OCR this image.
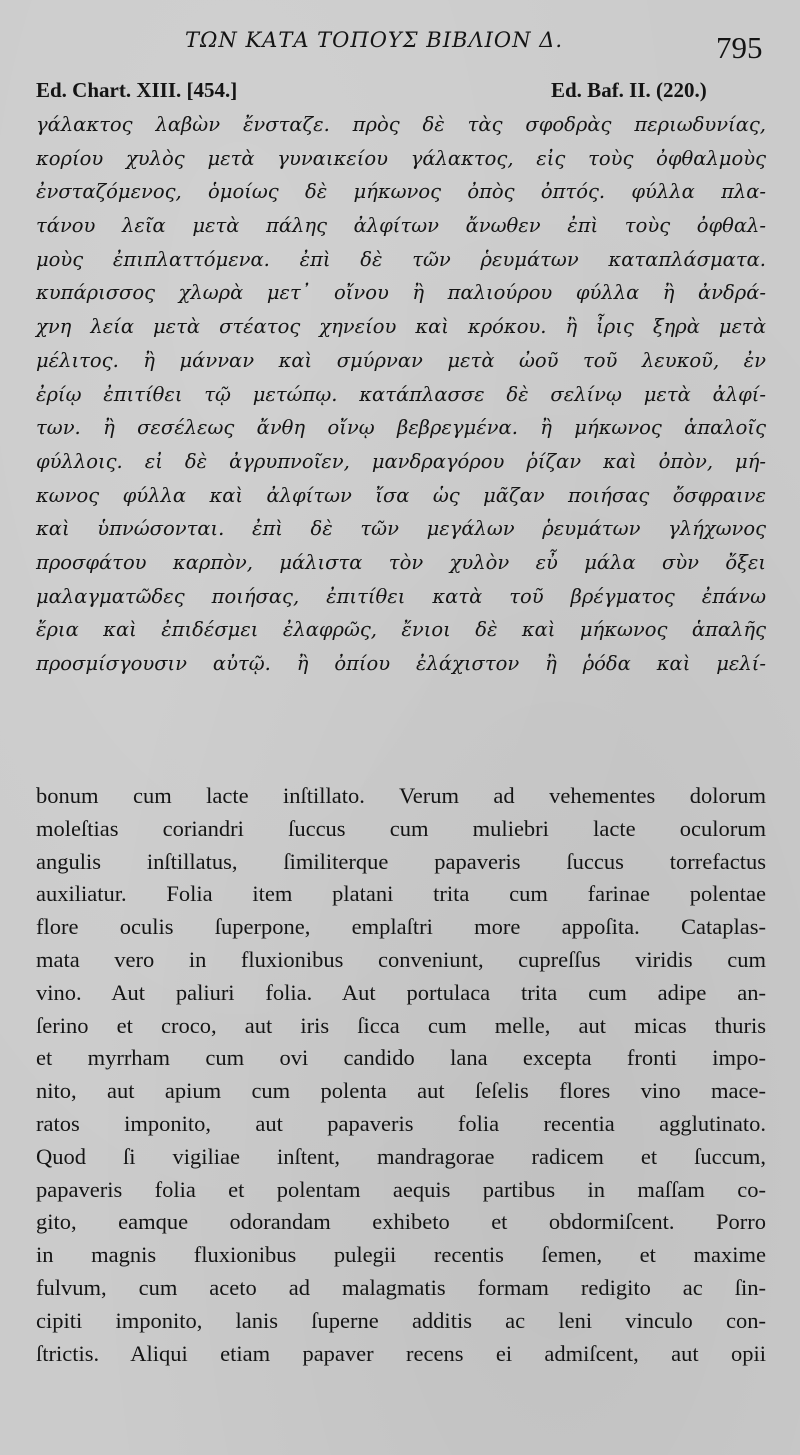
ΤΩΝ ΚΑΤΑ ΤΟΠΟΥΣ ΒΙΒΛΙΟΝ Δ.	795
Ed. Chart. XIII. [454.]	Ed. Baf. II. (220.)
γάλακτος λαβὼν ἔνσταζε. πρὸς δὲ τὰς σφοδρὰς περιωδυνίας,
κορίου χυλὸς μετὰ γυναικείου γάλακτος, εἰς τοὺς ὀφθαλμοὺς
ἐνσταζόμενος, ὁμοίως δὲ μήκωνος ὀπὸς ὀπτός. φύλλα πλα-
τάνου λεῖα μετὰ πάλης ἀλφίτων ἄνωθεν ἐπὶ τοὺς ὀφθαλ-
μοὺς ἐπιπλαττόμενα. ἐπὶ δὲ τῶν ῥευμάτων καταπλάσματα.
κυπάρισσος χλωρὰ μετ᾽ οἴνου ἢ παλιούρου φύλλα ἢ ἀνδρά-
χνη λεία μετὰ στέατος χηνείου καὶ κρόκου. ἢ ἶρις ξηρὰ μετὰ
μέλιτος. ἢ μάνναν καὶ σμύρναν μετὰ ὠοῦ τοῦ λευκοῦ, ἐν
ἐρίῳ ἐπιτίθει τῷ μετώπῳ. κατάπλασσε δὲ σελίνῳ μετὰ ἀλφί-
των. ἢ σεσέλεως ἄνθη οἴνῳ βεβρεγμένα. ἢ μήκωνος ἁπαλοῖς
φύλλοις. εἰ δὲ ἀγρυπνοῖεν, μανδραγόρου ῥίζαν καὶ ὀπὸν, μή-
κωνος φύλλα καὶ ἀλφίτων ἴσα ὡς μᾶζαν ποιήσας ὄσφραινε
καὶ ὑπνώσονται. ἐπὶ δὲ τῶν μεγάλων ῥευμάτων γλήχωνος
προσφάτου καρπὸν, μάλιστα τὸν χυλὸν εὖ μάλα σὺν ὄξει
μαλαγματῶδες ποιήσας, ἐπιτίθει κατὰ τοῦ βρέγματος ἐπάνω
ἔρια καὶ ἐπιδέσμει ἐλαφρῶς, ἔνιοι δὲ καὶ μήκωνος ἁπαλῆς
προσμίσγουσιν αὐτῷ. ἢ ὀπίου ἐλάχιστον ἢ ῥόδα καὶ μελί-
bonum cum lacte inſtillato. Verum ad vehementes dolorum
moleſtias coriandri ſuccus cum muliebri lacte oculorum
angulis inſtillatus, ſimiliterque papaveris ſuccus torrefactus
auxiliatur. Folia item platani trita cum farinae polentae
flore oculis ſuperpone, emplaſtri more appoſita. Cataplas-
mata vero in fluxionibus conveniunt, cupreſſus viridis cum
vino. Aut paliuri folia. Aut portulaca trita cum adipe an-
ſerino et croco, aut iris ſicca cum melle, aut micas thuris
et myrrham cum ovi candido lana excepta fronti impo-
nito, aut apium cum polenta aut ſeſelis flores vino mace-
ratos imponito, aut papaveris folia recentia agglutinato.
Quod ſi vigiliae inſtent, mandragorae radicem et ſuccum,
papaveris folia et polentam aequis partibus in maſſam co-
gito, eamque odorandam exhibeto et obdormiſcent. Porro
in magnis fluxionibus pulegii recentis ſemen, et maxime
fulvum, cum aceto ad malagmatis formam redigito ac ſin-
cipiti imponito, lanis ſuperne additis ac leni vinculo con-
ſtrictis. Aliqui etiam papaver recens ei admiſcent, aut opii
